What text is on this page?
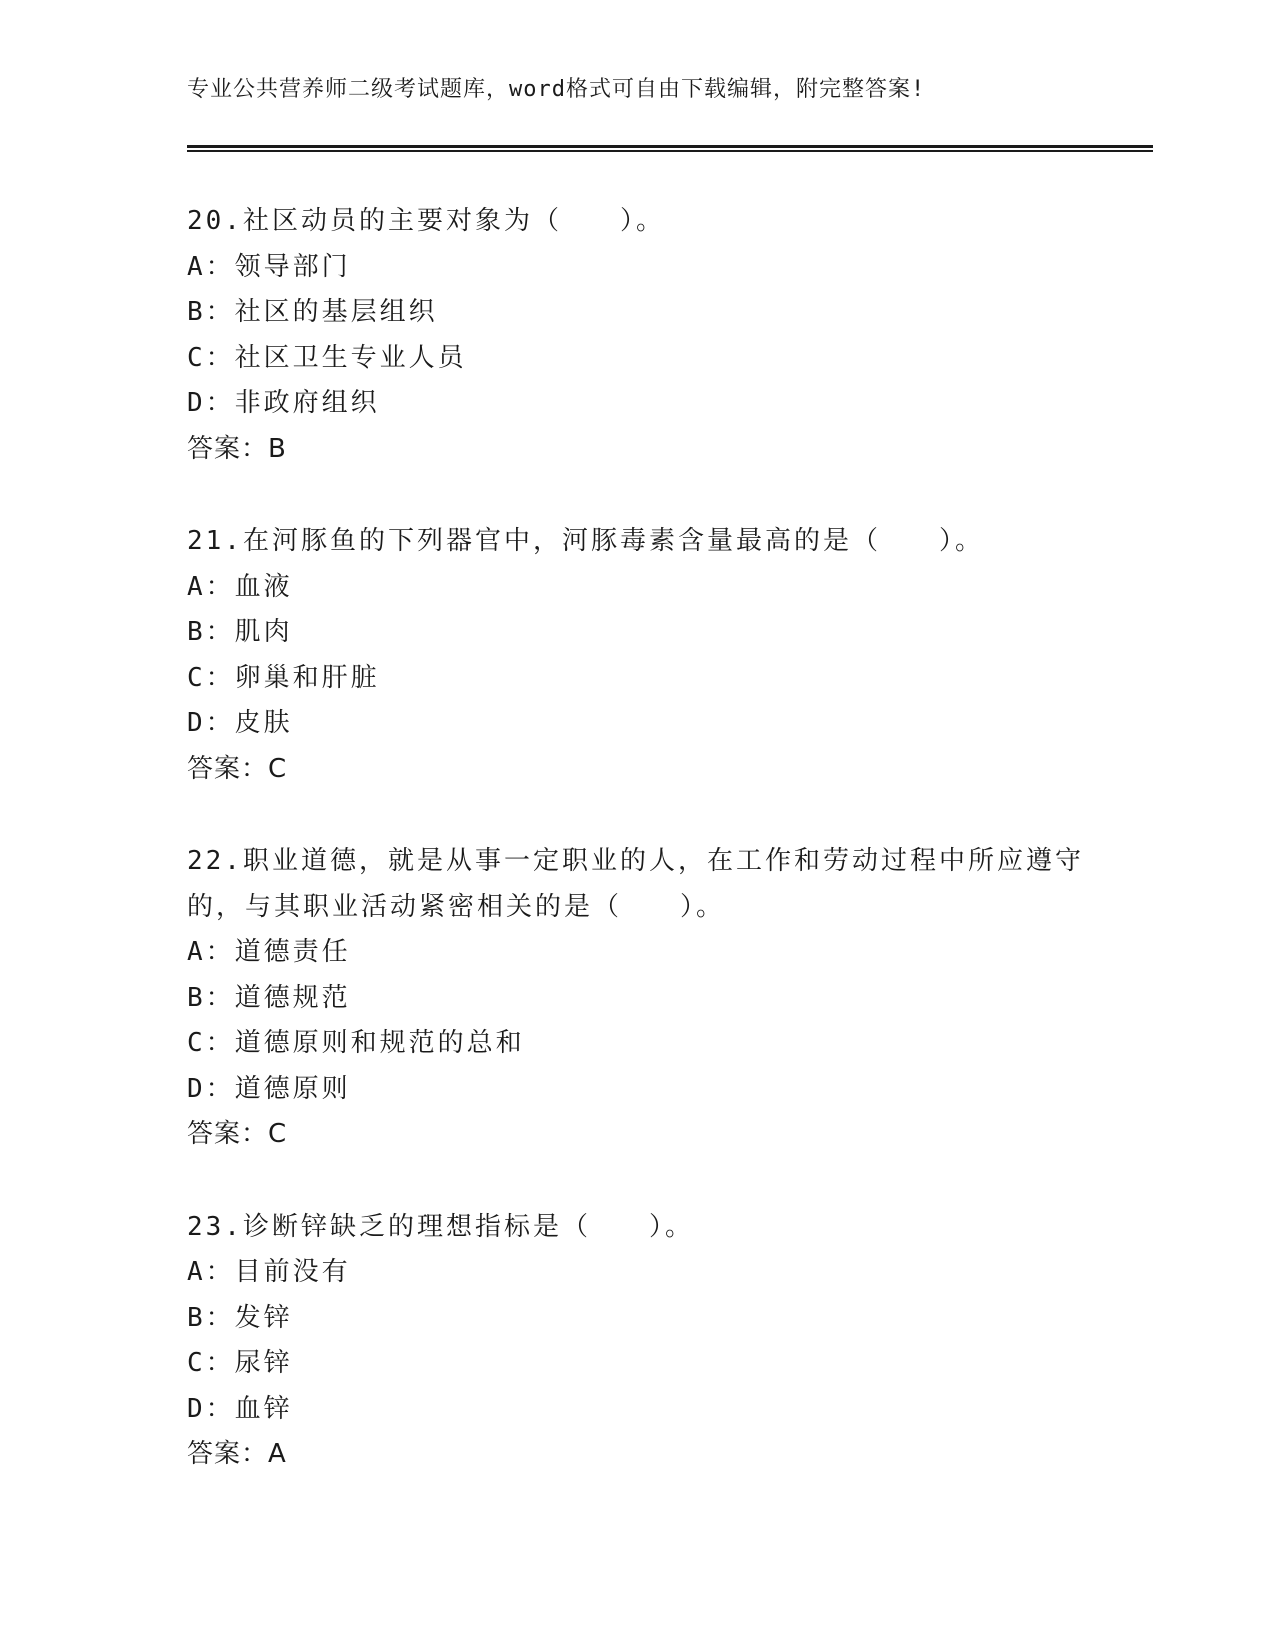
专业公共营养师二级考试题库，word格式可自由下载编辑，附完整答案!
20.社区动员的主要对象为（　　）。
A：领导部门
B：社区的基层组织
C：社区卫生专业人员
D：非政府组织
答案：B
21.在河豚鱼的下列器官中，河豚毒素含量最高的是（　　）。
A：血液
B：肌肉
C：卵巢和肝脏
D：皮肤
答案：C
22.职业道德，就是从事一定职业的人，在工作和劳动过程中所应遵守
的，与其职业活动紧密相关的是（　　）。
A：道德责任
B：道德规范
C：道德原则和规范的总和
D：道德原则
答案：C
23.诊断锌缺乏的理想指标是（　　）。
A：目前没有
B：发锌
C：尿锌
D：血锌
答案：A
